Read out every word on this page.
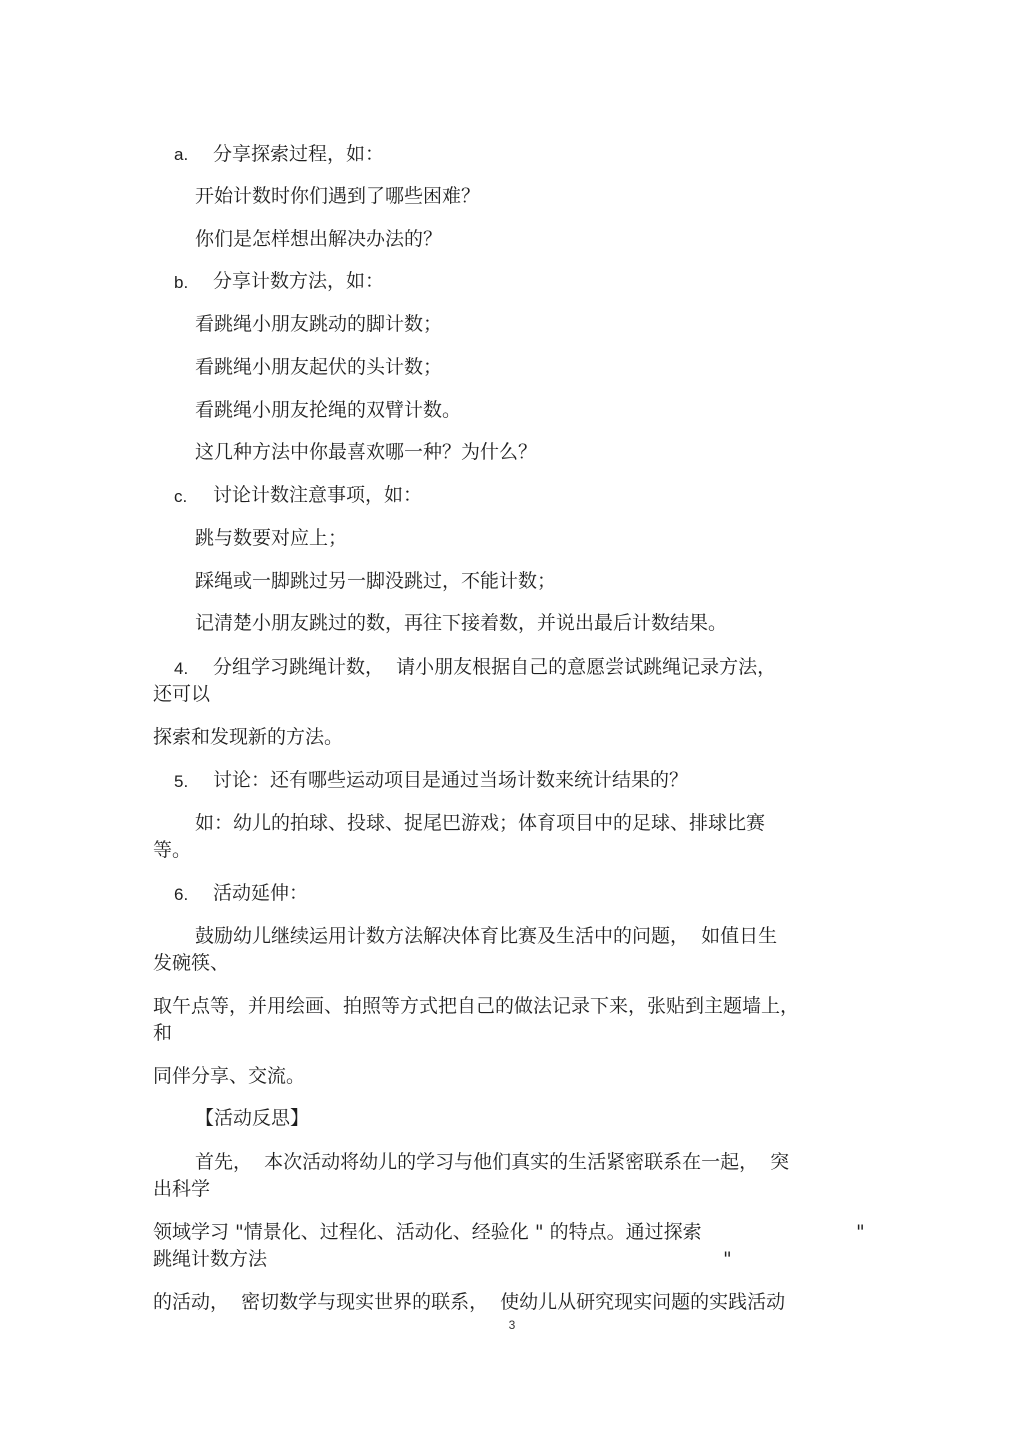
a. 分享探索过程，如：
开始计数时你们遇到了哪些困难？
你们是怎样想出解决办法的？
b. 分享计数方法，如：
看跳绳小朋友跳动的脚计数；
看跳绳小朋友起伏的头计数；
看跳绳小朋友抡绳的双臂计数。
这几种方法中你最喜欢哪一种？为什么？
c. 讨论计数注意事项，如：
跳与数要对应上；
踩绳或一脚跳过另一脚没跳过，不能计数；
记清楚小朋友跳过的数，再往下接着数，并说出最后计数结果。
4. 分组学习跳绳计数，  请小朋友根据自己的意愿尝试跳绳记录方法，
还可以
探索和发现新的方法。
5. 讨论：还有哪些运动项目是通过当场计数来统计结果的？
如：幼儿的拍球、投球、捉尾巴游戏；体育项目中的足球、排球比赛
等。
6. 活动延伸：
鼓励幼儿继续运用计数方法解决体育比赛及生活中的问题，  如值日生
发碗筷、
取午点等，并用绘画、拍照等方式把自己的做法记录下来，张贴到主题墙上，
和
同伴分享、交流。
【活动反思】
首先，  本次活动将幼儿的学习与他们真实的生活紧密联系在一起，  突
出科学
领域学习 "情景化、过程化、活动化、经验化 " 的特点。通过探索	"
跳绳计数方法	"
的活动，  密切数学与现实世界的联系，  使幼儿从研究现实问题的实践活动
3
